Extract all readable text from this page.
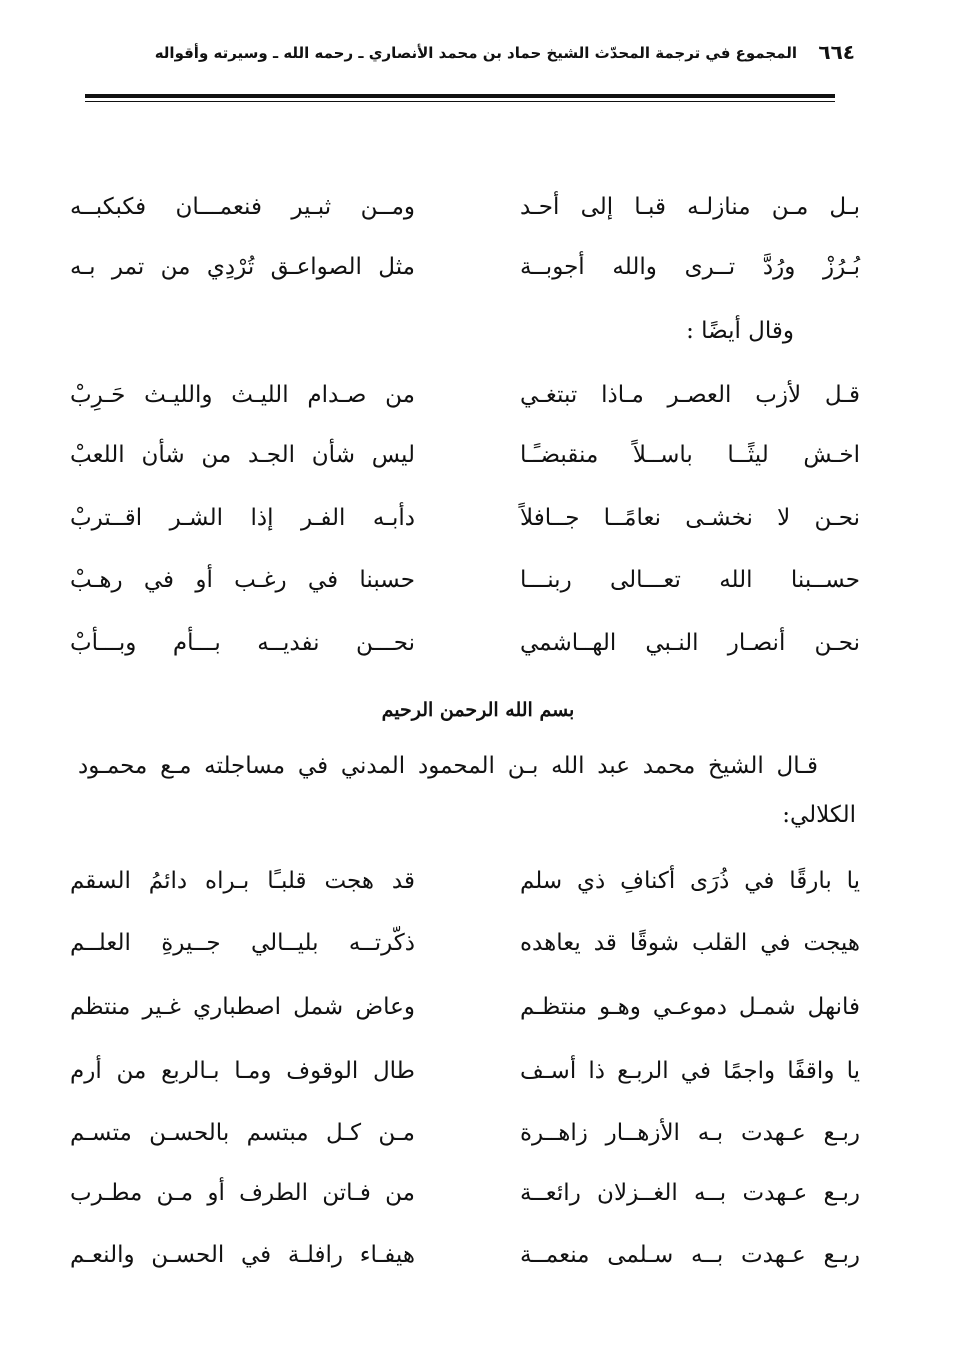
٦٦٤
المجموع في ترجمة المحدّث الشيخ حماد بن محمد الأنصاري ـ رحمه الله ـ وسيرته وأقواله
بـل مـن منازلـه قبـا إلى أحـد
ومــن ثبـير فنعمـــان فكبكبــه
بُـرُزْ ورُدَّ تــرى والله أجوبــة
مثل الصواعـق تُرْدِي من تمر بـه
وقال أيضًا :
قـل لأزب العصـر مـاذا تبتغـي
من صـدام الليـث والليـث حَـرِبْ
اخـش ليثًــا باســلاً منقبضـًـا
ليس شأن الجـد من شأن اللعبْ
نحـن لا نخشـى نعامًــا جــافلاً
دأبـه الفـر إذا الشـر اقــتربْ
حســبنا الله تعـــالى ربنـــا
حسبنا في رغـب أو في رهـبْ
نحـن أنصـار النـبي الهــاشمي
نحـــن نفديــه بـــأم وبـــأبْ
بسم الله الرحمن الرحيم
قـال الشيخ محمد عبد الله بـن المحمود المدني في مساجلته مـع محمـود
الكلالي:
يا بارقًا في ذُرَى أكنافِ ذي سلم
قد هجت قلبـًا بـراه دائمُ السقم
هيجت في القلب شوقًا قد يعاهده
ذكّرتــه بليــالي جــيرةِ العلــم
فانهل شمـل دموعـي وهـو منتظـم
وعاض شمل اصطباري غـير منتظم
يا واقفًا واجمًا في الربـع ذا أسـف
طال الوقوف ومـا بـالربع من أرم
ربـع عـهدت بـه الأزهــار زاهــرة
مـن كـل مبتسم بالحسـن متسـم
ربـع عـهدت بــه الغــزلان رائعــة
من فـاتن الطرف أو مـن مطـرب
ربـع عـهدت بــه سـلمى منعمــة
هيفـاء رافلـة في الحسـن والنعـم
